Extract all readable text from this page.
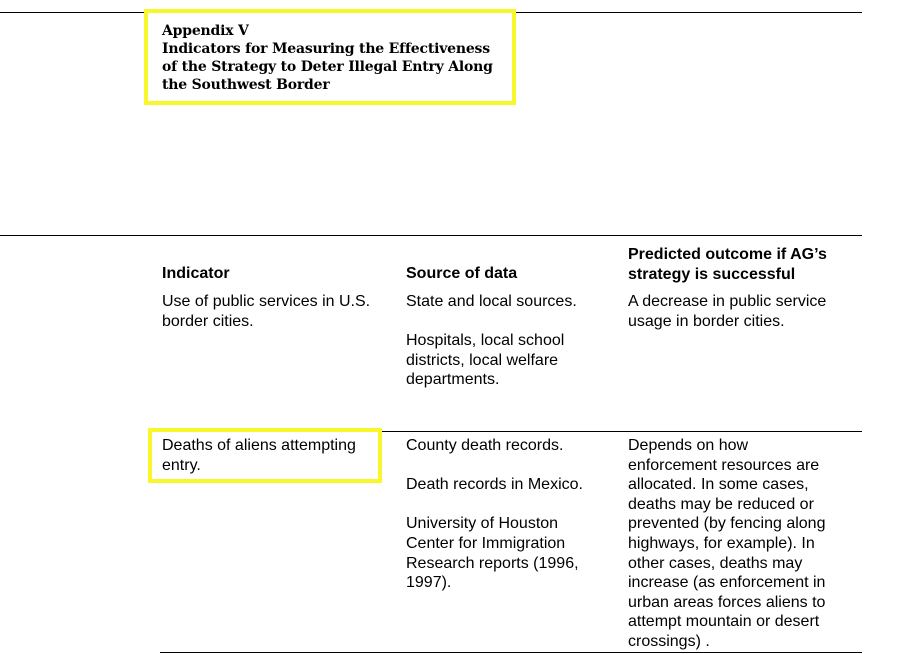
Appendix V
Indicators for Measuring the Effectiveness
of the Strategy to Deter Illegal Entry Along
the Southwest Border
Indicator	Source of data
Predicted outcome if AG’s
strategy is successful
Use of public services in U.S.
border cities.
State and local sources.
Hospitals, local school
districts, local welfare
departments.
A decrease in public service
usage in border cities.
Deaths of aliens attempting
entry.
County death records.
Death records in Mexico.
University of Houston
Center for Immigration
Research reports (1996,
1997).
Depends on how
enforcement resources are
allocated. In some cases,
deaths may be reduced or
prevented (by fencing along
highways, for example). In
other cases, deaths may
increase (as enforcement in
urban areas forces aliens to
attempt mountain or desert
crossings) .
